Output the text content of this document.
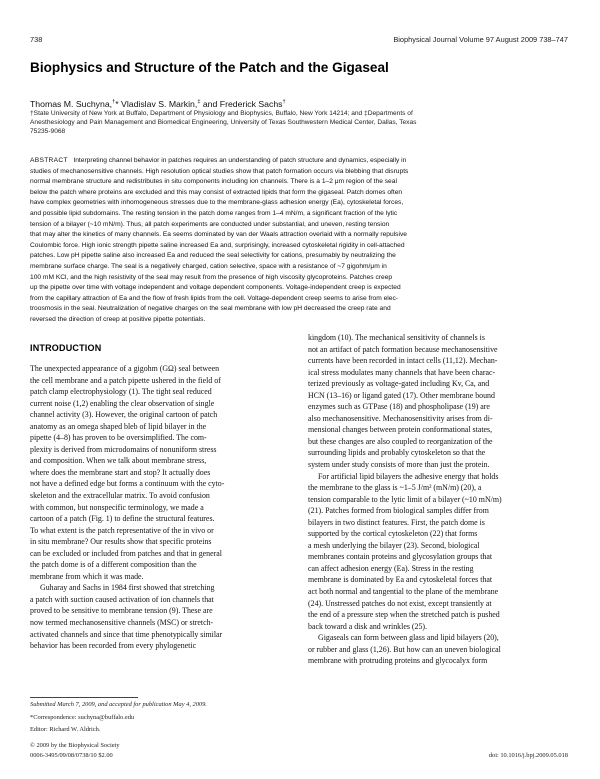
738	Biophysical Journal Volume 97 August 2009 738–747
Biophysics and Structure of the Patch and the Gigaseal
Thomas M. Suchyna,†* Vladislav S. Markin,‡ and Frederick Sachs†

†State University of New York at Buffalo, Department of Physiology and Biophysics, Buffalo, New York 14214; and ‡Departments of

Anesthesiology and Pain Management and Biomedical Engineering, University of Texas Southwestern Medical Center, Dallas, Texas

75235-9068

ABSTRACT Interpreting channel behavior in patches requires an understanding of patch structure and dynamics, especially in

studies of mechanosensitive channels. High resolution optical studies show that patch formation occurs via blebbing that disrupts

normal membrane structure and redistributes in situ components including ion channels. There is a 1–2 μm region of the seal

below the patch where proteins are excluded and this may consist of extracted lipids that form the gigaseal. Patch domes often

have complex geometries with inhomogeneous stresses due to the membrane-glass adhesion energy (Ea), cytoskeletal forces,

and possible lipid subdomains. The resting tension in the patch dome ranges from 1–4 mN/m, a significant fraction of the lytic

tension of a bilayer (~10 mN/m). Thus, all patch experiments are conducted under substantial, and uneven, resting tension

that may alter the kinetics of many channels. Ea seems dominated by van der Waals attraction overlaid with a normally repulsive

Coulombic force. High ionic strength pipette saline increased Ea and, surprisingly, increased cytoskeletal rigidity in cell-attached

patches. Low pH pipette saline also increased Ea and reduced the seal selectivity for cations, presumably by neutralizing the

membrane surface charge. The seal is a negatively charged, cation selective, space with a resistance of ~7 gigohm/μm in

100 mM KCl, and the high resistivity of the seal may result from the presence of high viscosity glycoproteins. Patches creep

up the pipette over time with voltage independent and voltage dependent components. Voltage-independent creep is expected

from the capillary attraction of Ea and the flow of fresh lipids from the cell. Voltage-dependent creep seems to arise from elec-

troosmosis in the seal. Neutralization of negative charges on the seal membrane with low pH decreased the creep rate and

reversed the direction of creep at positive pipette potentials.

INTRODUCTION

The unexpected appearance of a gigohm (GΩ) seal between

the cell membrane and a patch pipette ushered in the field of

patch clamp electrophysiology (1). The tight seal reduced

current noise (1,2) enabling the clear observation of single

channel activity (3). However, the original cartoon of patch

anatomy as an omega shaped bleb of lipid bilayer in the

pipette (4–8) has proven to be oversimplified. The com-

plexity is derived from microdomains of nonuniform stress

and composition. When we talk about membrane stress,

where does the membrane start and stop? It actually does

not have a defined edge but forms a continuum with the cyto-

skeleton and the extracellular matrix. To avoid confusion

with common, but nonspecific terminology, we made a

cartoon of a patch (Fig. 1) to define the structural features.

To what extent is the patch representative of the in vivo or

in situ membrane? Our results show that specific proteins

can be excluded or included from patches and that in general

the patch dome is of a different composition than the

membrane from which it was made.

Guharay and Sachs in 1984 first showed that stretching

a patch with suction caused activation of ion channels that

proved to be sensitive to membrane tension (9). These are

now termed mechanosensitive channels (MSC) or stretch-

activated channels and since that time phenotypically similar

behavior has been recorded from every phylogenetic

kingdom (10). The mechanical sensitivity of channels is

not an artifact of patch formation because mechanosensitive

currents have been recorded in intact cells (11,12). Mechan-

ical stress modulates many channels that have been charac-

terized previously as voltage-gated including Kv, Ca, and

HCN (13–16) or ligand gated (17). Other membrane bound

enzymes such as GTPase (18) and phospholipase (19) are

also mechanosensitive. Mechanosensitivity arises from di-

mensional changes between protein conformational states,

but these changes are also coupled to reorganization of the

surrounding lipids and probably cytoskeleton so that the

system under study consists of more than just the protein.

For artificial lipid bilayers the adhesive energy that holds

the membrane to the glass is ~1–5 J/m² (mN/m) (20), a

tension comparable to the lytic limit of a bilayer (~10 mN/m)

(21). Patches formed from biological samples differ from

bilayers in two distinct features. First, the patch dome is

supported by the cortical cytoskeleton (22) that forms

a mesh underlying the bilayer (23). Second, biological

membranes contain proteins and glycosylation groups that

can affect adhesion energy (Ea). Stress in the resting

membrane is dominated by Ea and cytoskeletal forces that

act both normal and tangential to the plane of the membrane

(24). Unstressed patches do not exist, except transiently at

the end of a pressure step when the stretched patch is pushed

back toward a disk and wrinkles (25).

Gigaseals can form between glass and lipid bilayers (20),

or rubber and glass (1,26). But how can an uneven biological

membrane with protruding proteins and glycocalyx form

Submitted March 7, 2009, and accepted for publication May 4, 2009.
*Correspondence: suchyna@buffalo.edu
Editor: Richard W. Aldrich.
© 2009 by the Biophysical Society
0006-3495/09/08/0738/10 $2.00	doi: 10.1016/j.bpj.2009.05.018
